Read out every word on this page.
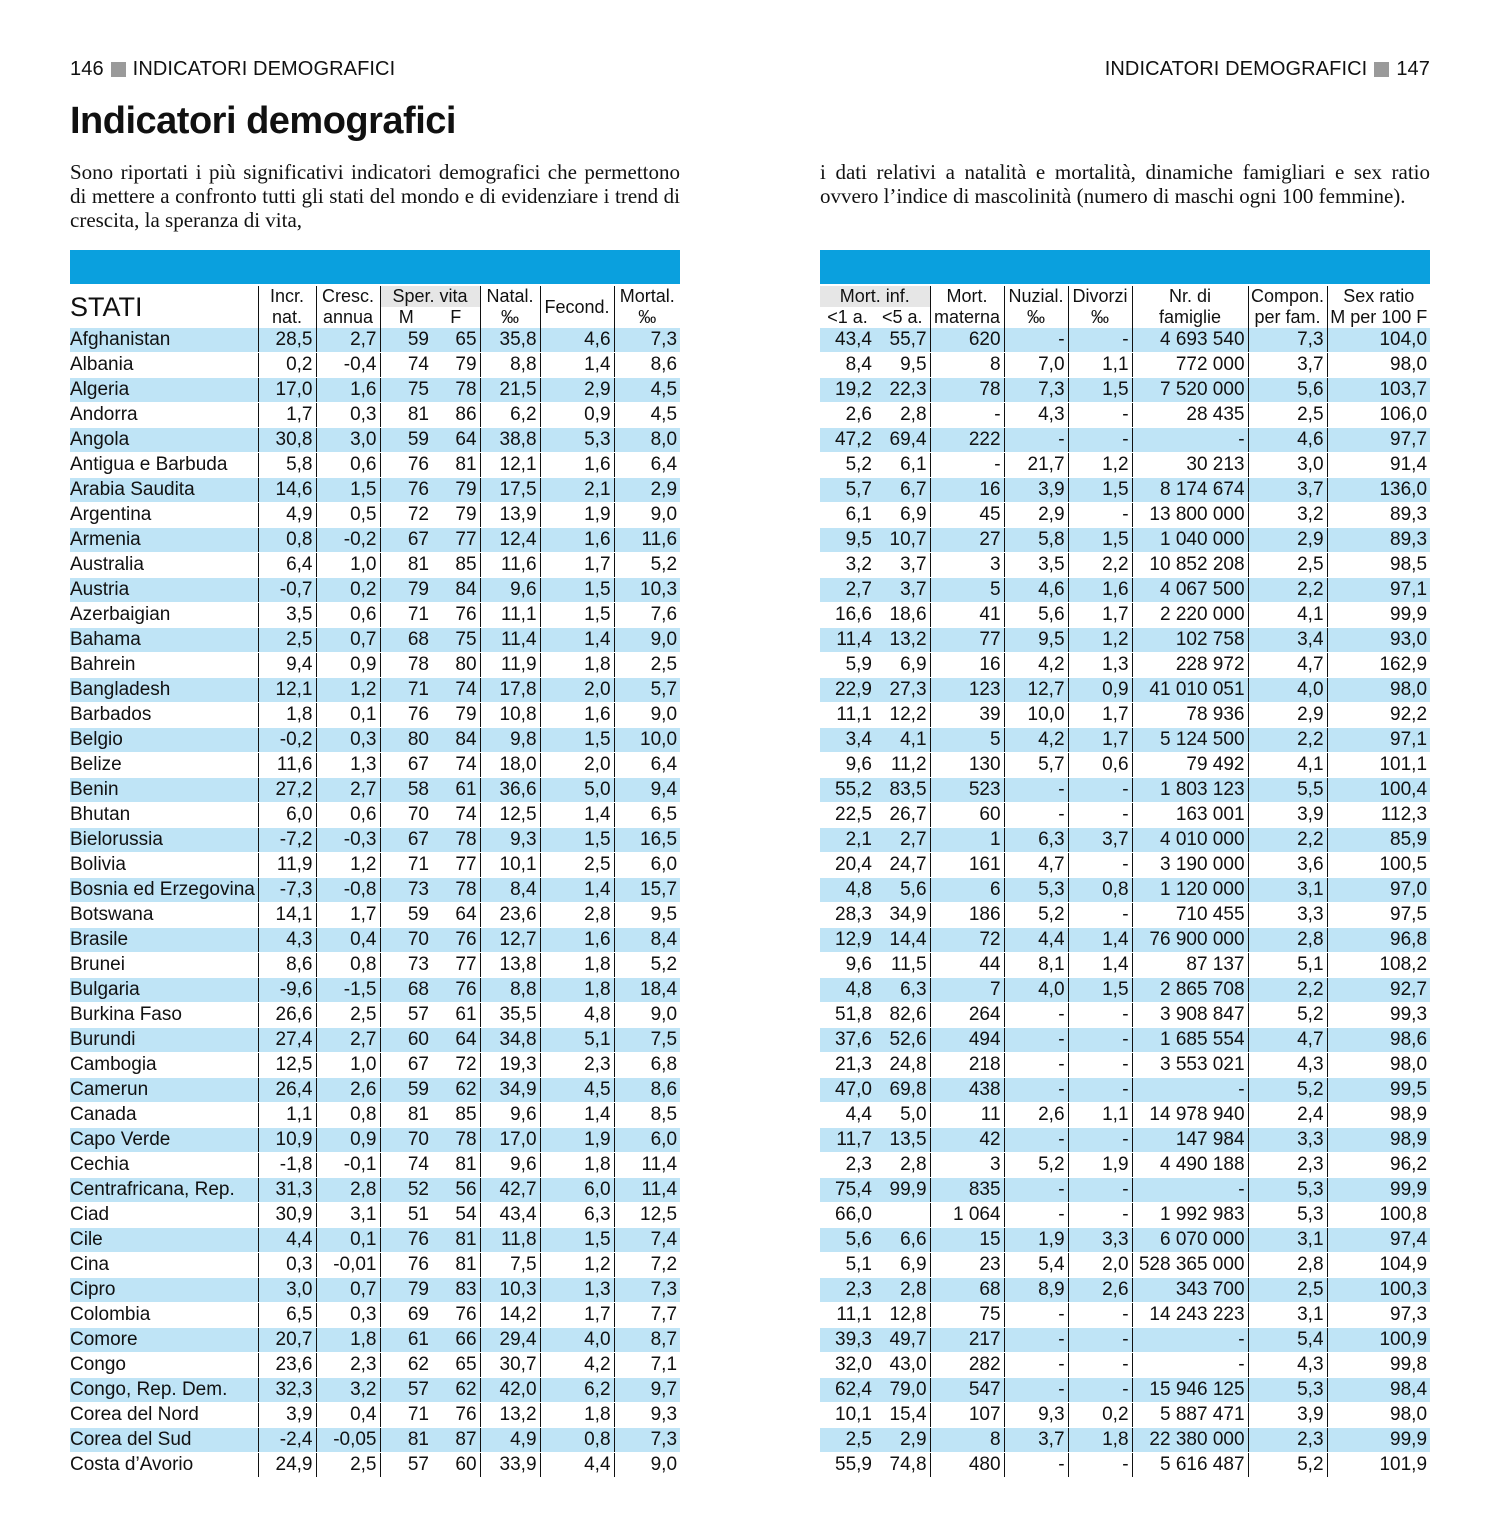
146 INDICATORI DEMOGRAFICI	INDICATORI DEMOGRAFICI 147
Indicatori demografici
Sono riportati i più significativi indicatori demografici che permettono di mettere a confronto tutti gli stati del mondo e di evidenziare i trend di crescita, la speranza di vita,
i dati relativi a natalità e mortalità, dinamiche famigliari e sex ratio ovvero l’indice di mascolinità (numero di maschi ogni 100 femmine).
STATI	Incr.	Cresc.	Sper. vita		Natal.	Fecond.	Mortal.
	nat.	annua	M	F	‰		‰
Afghanistan	28,5	2,7	59	65	35,8	4,6	7,3
Albania	0,2	-0,4	74	79	8,8	1,4	8,6
Algeria	17,0	1,6	75	78	21,5	2,9	4,5
Andorra	1,7	0,3	81	86	6,2	0,9	4,5
Angola	30,8	3,0	59	64	38,8	5,3	8,0
Antigua e Barbuda	5,8	0,6	76	81	12,1	1,6	6,4
Arabia Saudita	14,6	1,5	76	79	17,5	2,1	2,9
Argentina	4,9	0,5	72	79	13,9	1,9	9,0
Armenia	0,8	-0,2	67	77	12,4	1,6	11,6
Australia	6,4	1,0	81	85	11,6	1,7	5,2
Austria	-0,7	0,2	79	84	9,6	1,5	10,3
Azerbaigian	3,5	0,6	71	76	11,1	1,5	7,6
Bahama	2,5	0,7	68	75	11,4	1,4	9,0
Bahrein	9,4	0,9	78	80	11,9	1,8	2,5
Bangladesh	12,1	1,2	71	74	17,8	2,0	5,7
Barbados	1,8	0,1	76	79	10,8	1,6	9,0
Belgio	-0,2	0,3	80	84	9,8	1,5	10,0
Belize	11,6	1,3	67	74	18,0	2,0	6,4
Benin	27,2	2,7	58	61	36,6	5,0	9,4
Bhutan	6,0	0,6	70	74	12,5	1,4	6,5
Bielorussia	-7,2	-0,3	67	78	9,3	1,5	16,5
Bolivia	11,9	1,2	71	77	10,1	2,5	6,0
Bosnia ed Erzegovina	-7,3	-0,8	73	78	8,4	1,4	15,7
Botswana	14,1	1,7	59	64	23,6	2,8	9,5
Brasile	4,3	0,4	70	76	12,7	1,6	8,4
Brunei	8,6	0,8	73	77	13,8	1,8	5,2
Bulgaria	-9,6	-1,5	68	76	8,8	1,8	18,4
Burkina Faso	26,6	2,5	57	61	35,5	4,8	9,0
Burundi	27,4	2,7	60	64	34,8	5,1	7,5
Cambogia	12,5	1,0	67	72	19,3	2,3	6,8
Camerun	26,4	2,6	59	62	34,9	4,5	8,6
Canada	1,1	0,8	81	85	9,6	1,4	8,5
Capo Verde	10,9	0,9	70	78	17,0	1,9	6,0
Cechia	-1,8	-0,1	74	81	9,6	1,8	11,4
Centrafricana, Rep.	31,3	2,8	52	56	42,7	6,0	11,4
Ciad	30,9	3,1	51	54	43,4	6,3	12,5
Cile	4,4	0,1	76	81	11,8	1,5	7,4
Cina	0,3	-0,01	76	81	7,5	1,2	7,2
Cipro	3,0	0,7	79	83	10,3	1,3	7,3
Colombia	6,5	0,3	69	76	14,2	1,7	7,7
Comore	20,7	1,8	61	66	29,4	4,0	8,7
Congo	23,6	2,3	62	65	30,7	4,2	7,1
Congo, Rep. Dem.	32,3	3,2	57	62	42,0	6,2	9,7
Corea del Nord	3,9	0,4	71	76	13,2	1,8	9,3
Corea del Sud	-2,4	-0,05	81	87	4,9	0,8	7,3
Costa d’Avorio	24,9	2,5	57	60	33,9	4,4	9,0
Mort. inf.		Mort.	Nuzial.	Divorzi	Nr. di	Compon.	Sex ratio
<1 a.	<5 a.	materna	‰	‰	famiglie	per fam.	M per 100 F
43,4	55,7	620	-	-	4 693 540	7,3	104,0
8,4	9,5	8	7,0	1,1	772 000	3,7	98,0
19,2	22,3	78	7,3	1,5	7 520 000	5,6	103,7
2,6	2,8	-	4,3	-	28 435	2,5	106,0
47,2	69,4	222	-	-	-	4,6	97,7
5,2	6,1	-	21,7	1,2	30 213	3,0	91,4
5,7	6,7	16	3,9	1,5	8 174 674	3,7	136,0
6,1	6,9	45	2,9	-	13 800 000	3,2	89,3
9,5	10,7	27	5,8	1,5	1 040 000	2,9	89,3
3,2	3,7	3	3,5	2,2	10 852 208	2,5	98,5
2,7	3,7	5	4,6	1,6	4 067 500	2,2	97,1
16,6	18,6	41	5,6	1,7	2 220 000	4,1	99,9
11,4	13,2	77	9,5	1,2	102 758	3,4	93,0
5,9	6,9	16	4,2	1,3	228 972	4,7	162,9
22,9	27,3	123	12,7	0,9	41 010 051	4,0	98,0
11,1	12,2	39	10,0	1,7	78 936	2,9	92,2
3,4	4,1	5	4,2	1,7	5 124 500	2,2	97,1
9,6	11,2	130	5,7	0,6	79 492	4,1	101,1
55,2	83,5	523	-	-	1 803 123	5,5	100,4
22,5	26,7	60	-	-	163 001	3,9	112,3
2,1	2,7	1	6,3	3,7	4 010 000	2,2	85,9
20,4	24,7	161	4,7	-	3 190 000	3,6	100,5
4,8	5,6	6	5,3	0,8	1 120 000	3,1	97,0
28,3	34,9	186	5,2	-	710 455	3,3	97,5
12,9	14,4	72	4,4	1,4	76 900 000	2,8	96,8
9,6	11,5	44	8,1	1,4	87 137	5,1	108,2
4,8	6,3	7	4,0	1,5	2 865 708	2,2	92,7
51,8	82,6	264	-	-	3 908 847	5,2	99,3
37,6	52,6	494	-	-	1 685 554	4,7	98,6
21,3	24,8	218	-	-	3 553 021	4,3	98,0
47,0	69,8	438	-	-	-	5,2	99,5
4,4	5,0	11	2,6	1,1	14 978 940	2,4	98,9
11,7	13,5	42	-	-	147 984	3,3	98,9
2,3	2,8	3	5,2	1,9	4 490 188	2,3	96,2
75,4	99,9	835	-	-	-	5,3	99,9
66,0		1 064	-	-	1 992 983	5,3	100,8
5,6	6,6	15	1,9	3,3	6 070 000	3,1	97,4
5,1	6,9	23	5,4	2,0	528 365 000	2,8	104,9
2,3	2,8	68	8,9	2,6	343 700	2,5	100,3
11,1	12,8	75	-	-	14 243 223	3,1	97,3
39,3	49,7	217	-	-	-	5,4	100,9
32,0	43,0	282	-	-	-	4,3	99,8
62,4	79,0	547	-	-	15 946 125	5,3	98,4
10,1	15,4	107	9,3	0,2	5 887 471	3,9	98,0
2,5	2,9	8	3,7	1,8	22 380 000	2,3	99,9
55,9	74,8	480	-	-	5 616 487	5,2	101,9
